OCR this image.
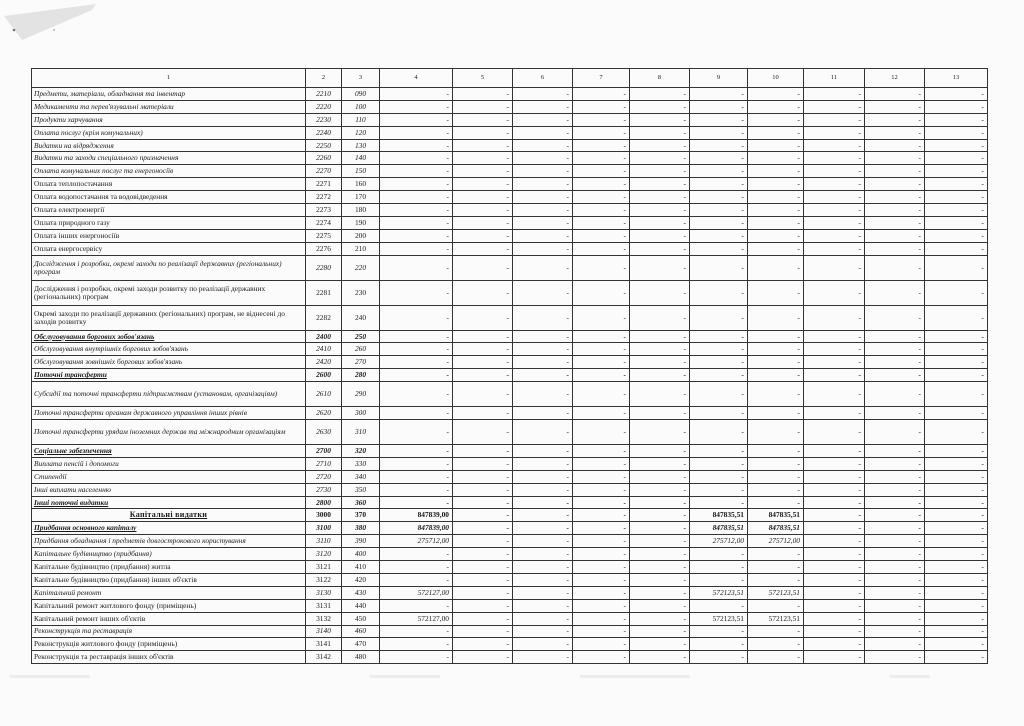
1	2	3	4	5	6	7	8	9	10	11	12	13
Предмети, матеріали, обладнання та інвентар	2210	090	-	-	-	-	-	-	-	-	-	-
Медикаменти та перев'язувальні матеріали	2220	100	-	-	-	-	-	-	-	-	-	-
Продукти харчування	2230	110	-	-	-	-	-	-	-	-	-	-
Оплата послуг (крім комунальних)	2240	120	-	-	-	-	-	-	-	-	-	-
Видатки на відрядження	2250	130	-	-	-	-	-	-	-	-	-	-
Видатки та заходи спеціального призначення	2260	140	-	-	-	-	-	-	-	-	-	-
Оплата комунальних послуг та енергоносіїв	2270	150	-	-	-	-	-	-	-	-	-	-
Оплата теплопостачання	2271	160	-	-	-	-	-	-	-	-	-	-
Оплата водопостачання та водовідведення	2272	170	-	-	-	-	-	-	-	-	-	-
Оплата електроенергії	2273	180	-	-	-	-	-	-	-	-	-	-
Оплата природного газу	2274	190	-	-	-	-	-	-	-	-	-	-
Оплата інших енергоносіїв	2275	200	-	-	-	-	-	-	-	-	-	-
Оплата енергосервісу	2276	210	-	-	-	-	-	-	-	-	-	-
Дослідження і розробки, окремі заходи по реалізації державних (регіональних) програм	2280	220	-	-	-	-	-	-	-	-	-	-
Дослідження і розробки, окремі заходи розвитку по реалізації державних (регіональних) програм	2281	230	-	-	-	-	-	-	-	-	-	-
Окремі заходи по реалізації державних (регіональних) програм, не віднесені до заходів розвитку	2282	240	-	-	-	-	-	-	-	-	-	-
Обслуговування боргових зобов'язань	2400	250	-	-	-	-	-	-	-	-	-	-
Обслуговування внутрішніх боргових зобов'язань	2410	260	-	-	-	-	-	-	-	-	-	-
Обслуговування зовнішніх боргових зобов'язань	2420	270	-	-	-	-	-	-	-	-	-	-
Поточні трансферти	2600	280	-	-	-	-	-	-	-	-	-	-
Субсидії та поточні трансферти підприємствам (установам, організаціям)	2610	290	-	-	-	-	-	-	-	-	-	-
Поточні трансферти органам державного управління інших рівнів	2620	300	-	-	-	-	-	-	-	-	-	-
Поточні трансферти урядам іноземних держав та міжнародним організаціям	2630	310	-	-	-	-	-	-	-	-	-	-
Соціальне забезпечення	2700	320	-	-	-	-	-	-	-	-	-	-
Виплата пенсій і допомоги	2710	330	-	-	-	-	-	-	-	-	-	-
Стипендії	2720	340	-	-	-	-	-	-	-	-	-	-
Інші виплати населенню	2730	350	-	-	-	-	-	-	-	-	-	-
Інші поточні видатки	2800	360	-	-	-	-	-	-	-	-	-	-
Капітальні видатки	3000	370	847839,00	-	-	-	-	847835,51	847835,51	-	-	-
Придбання основного капіталу	3100	380	847839,00	-	-	-	-	847835,51	847835,51	-	-	-
Придбання обладнання і предметів довгострокового користування	3110	390	275712,00	-	-	-	-	275712,00	275712,00	-	-	-
Капітальне будівництво (придбання)	3120	400	-	-	-	-	-	-	-	-	-	-
Капітальне будівництво (придбання) житла	3121	410	-	-	-	-	-	-	-	-	-	-
Капітальне будівництво (придбання) інших об'єктів	3122	420	-	-	-	-	-	-	-	-	-	-
Капітальний ремонт	3130	430	572127,00	-	-	-	-	572123,51	572123,51	-	-	-
Капітальний ремонт житлового фонду (приміщень)	3131	440	-	-	-	-	-	-	-	-	-	-
Капітальний ремонт інших об'єктів	3132	450	572127,00	-	-	-	-	572123,51	572123,51	-	-	-
Реконструкція та реставрація	3140	460	-	-	-	-	-	-	-	-	-	-
Реконструкція житлового фонду (приміщень)	3141	470	-	-	-	-	-	-	-	-	-	-
Реконструкція та реставрація інших об'єктів	3142	480	-	-	-	-	-	-	-	-	-	-
